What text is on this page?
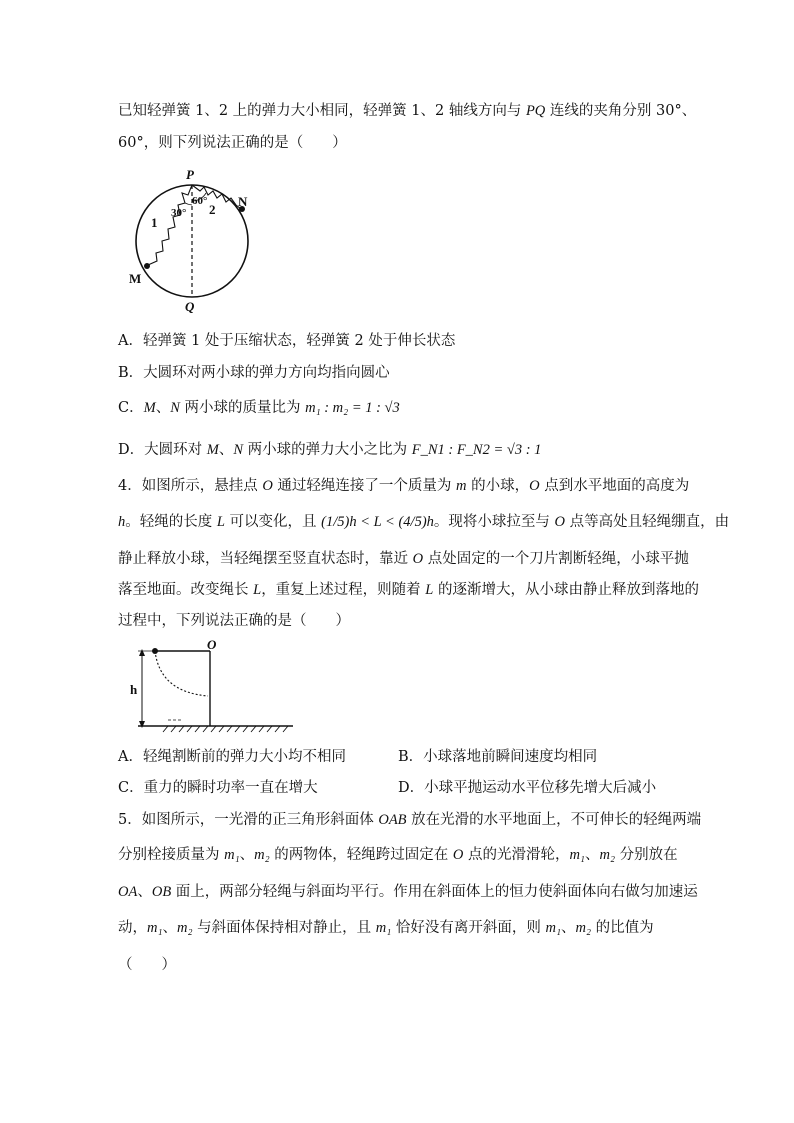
已知轻弹簧 1、2 上的弹力大小相同，轻弹簧 1、2 轴线方向与 PQ 连线的夹角分别 30°、
60°，则下列说法正确的是（　　）
P
Q
M
N
1
2
30°
60°
A．轻弹簧 1 处于压缩状态，轻弹簧 2 处于伸长状态
B．大圆环对两小球的弹力方向均指向圆心
C．M、N 两小球的质量比为 m₁ : m₂ = 1 : √3
D．大圆环对 M、N 两小球的弹力大小之比为 F_N1 : F_N2 = √3 : 1
4．如图所示，悬挂点 O 通过轻绳连接了一个质量为 m 的小球，O 点到水平地面的高度为
h。轻绳的长度 L 可以变化，且 (1/5)h < L < (4/5)h。现将小球拉至与 O 点等高处且轻绳绷直，由
静止释放小球，当轻绳摆至竖直状态时，靠近 O 点处固定的一个刀片割断轻绳，小球平抛
落至地面。改变绳长 L，重复上述过程，则随着 L 的逐渐增大，从小球由静止释放到落地的
过程中，下列说法正确的是（　　）
O
h
A．轻绳割断前的弹力大小均不相同	B．小球落地前瞬间速度均相同
C．重力的瞬时功率一直在增大	D．小球平抛运动水平位移先增大后减小
5．如图所示，一光滑的正三角形斜面体 OAB 放在光滑的水平地面上，不可伸长的轻绳两端
分别栓接质量为 m₁、m₂ 的两物体，轻绳跨过固定在 O 点的光滑滑轮，m₁、m₂ 分别放在
OA、OB 面上，两部分轻绳与斜面均平行。作用在斜面体上的恒力使斜面体向右做匀加速运
动，m₁、m₂ 与斜面体保持相对静止，且 m₁ 恰好没有离开斜面，则 m₁、m₂ 的比值为
（　　）
